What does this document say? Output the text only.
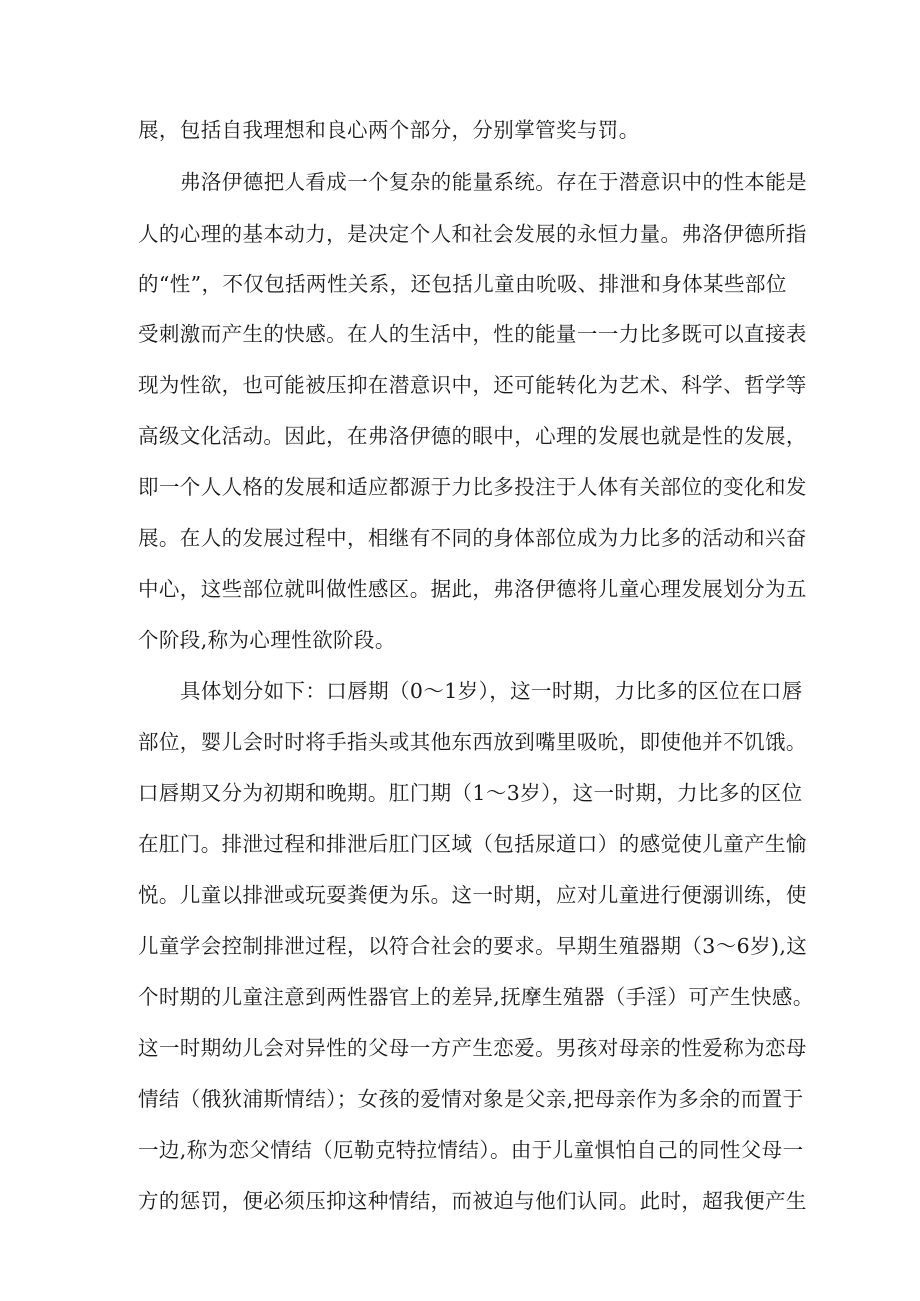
展，包括自我理想和良心两个部分，分别掌管奖与罚。
弗洛伊德把人看成一个复杂的能量系统。存在于潜意识中的性本能是
人的心理的基本动力，是决定个人和社会发展的永恒力量。弗洛伊德所指
的“性”，不仅包括两性关系，还包括儿童由吮吸、排泄和身体某些部位
受刺激而产生的快感。在人的生活中，性的能量一一力比多既可以直接表
现为性欲，也可能被压抑在潜意识中，还可能转化为艺术、科学、哲学等
高级文化活动。因此，在弗洛伊德的眼中，心理的发展也就是性的发展，
即一个人人格的发展和适应都源于力比多投注于人体有关部位的变化和发
展。在人的发展过程中，相继有不同的身体部位成为力比多的活动和兴奋
中心，这些部位就叫做性感区。据此，弗洛伊德将儿童心理发展划分为五
个阶段,称为心理性欲阶段。
具体划分如下：口唇期（0～1岁），这一时期，力比多的区位在口唇
部位，婴儿会时时将手指头或其他东西放到嘴里吸吮，即使他并不饥饿。
口唇期又分为初期和晚期。肛门期（1～3岁），这一时期，力比多的区位
在肛门。排泄过程和排泄后肛门区域（包括尿道口）的感觉使儿童产生愉
悦。儿童以排泄或玩耍粪便为乐。这一时期，应对儿童进行便溺训练，使
儿童学会控制排泄过程，以符合社会的要求。早期生殖器期（3～6岁),这
个时期的儿童注意到两性器官上的差异,抚摩生殖器（手淫）可产生快感。
这一时期幼儿会对异性的父母一方产生恋爱。男孩对母亲的性爱称为恋母
情结（俄狄浦斯情结）；女孩的爱情对象是父亲,把母亲作为多余的而置于
一边,称为恋父情结（厄勒克特拉情结）。由于儿童惧怕自己的同性父母一
方的惩罚，便必须压抑这种情结，而被迫与他们认同。此时，超我便产生
